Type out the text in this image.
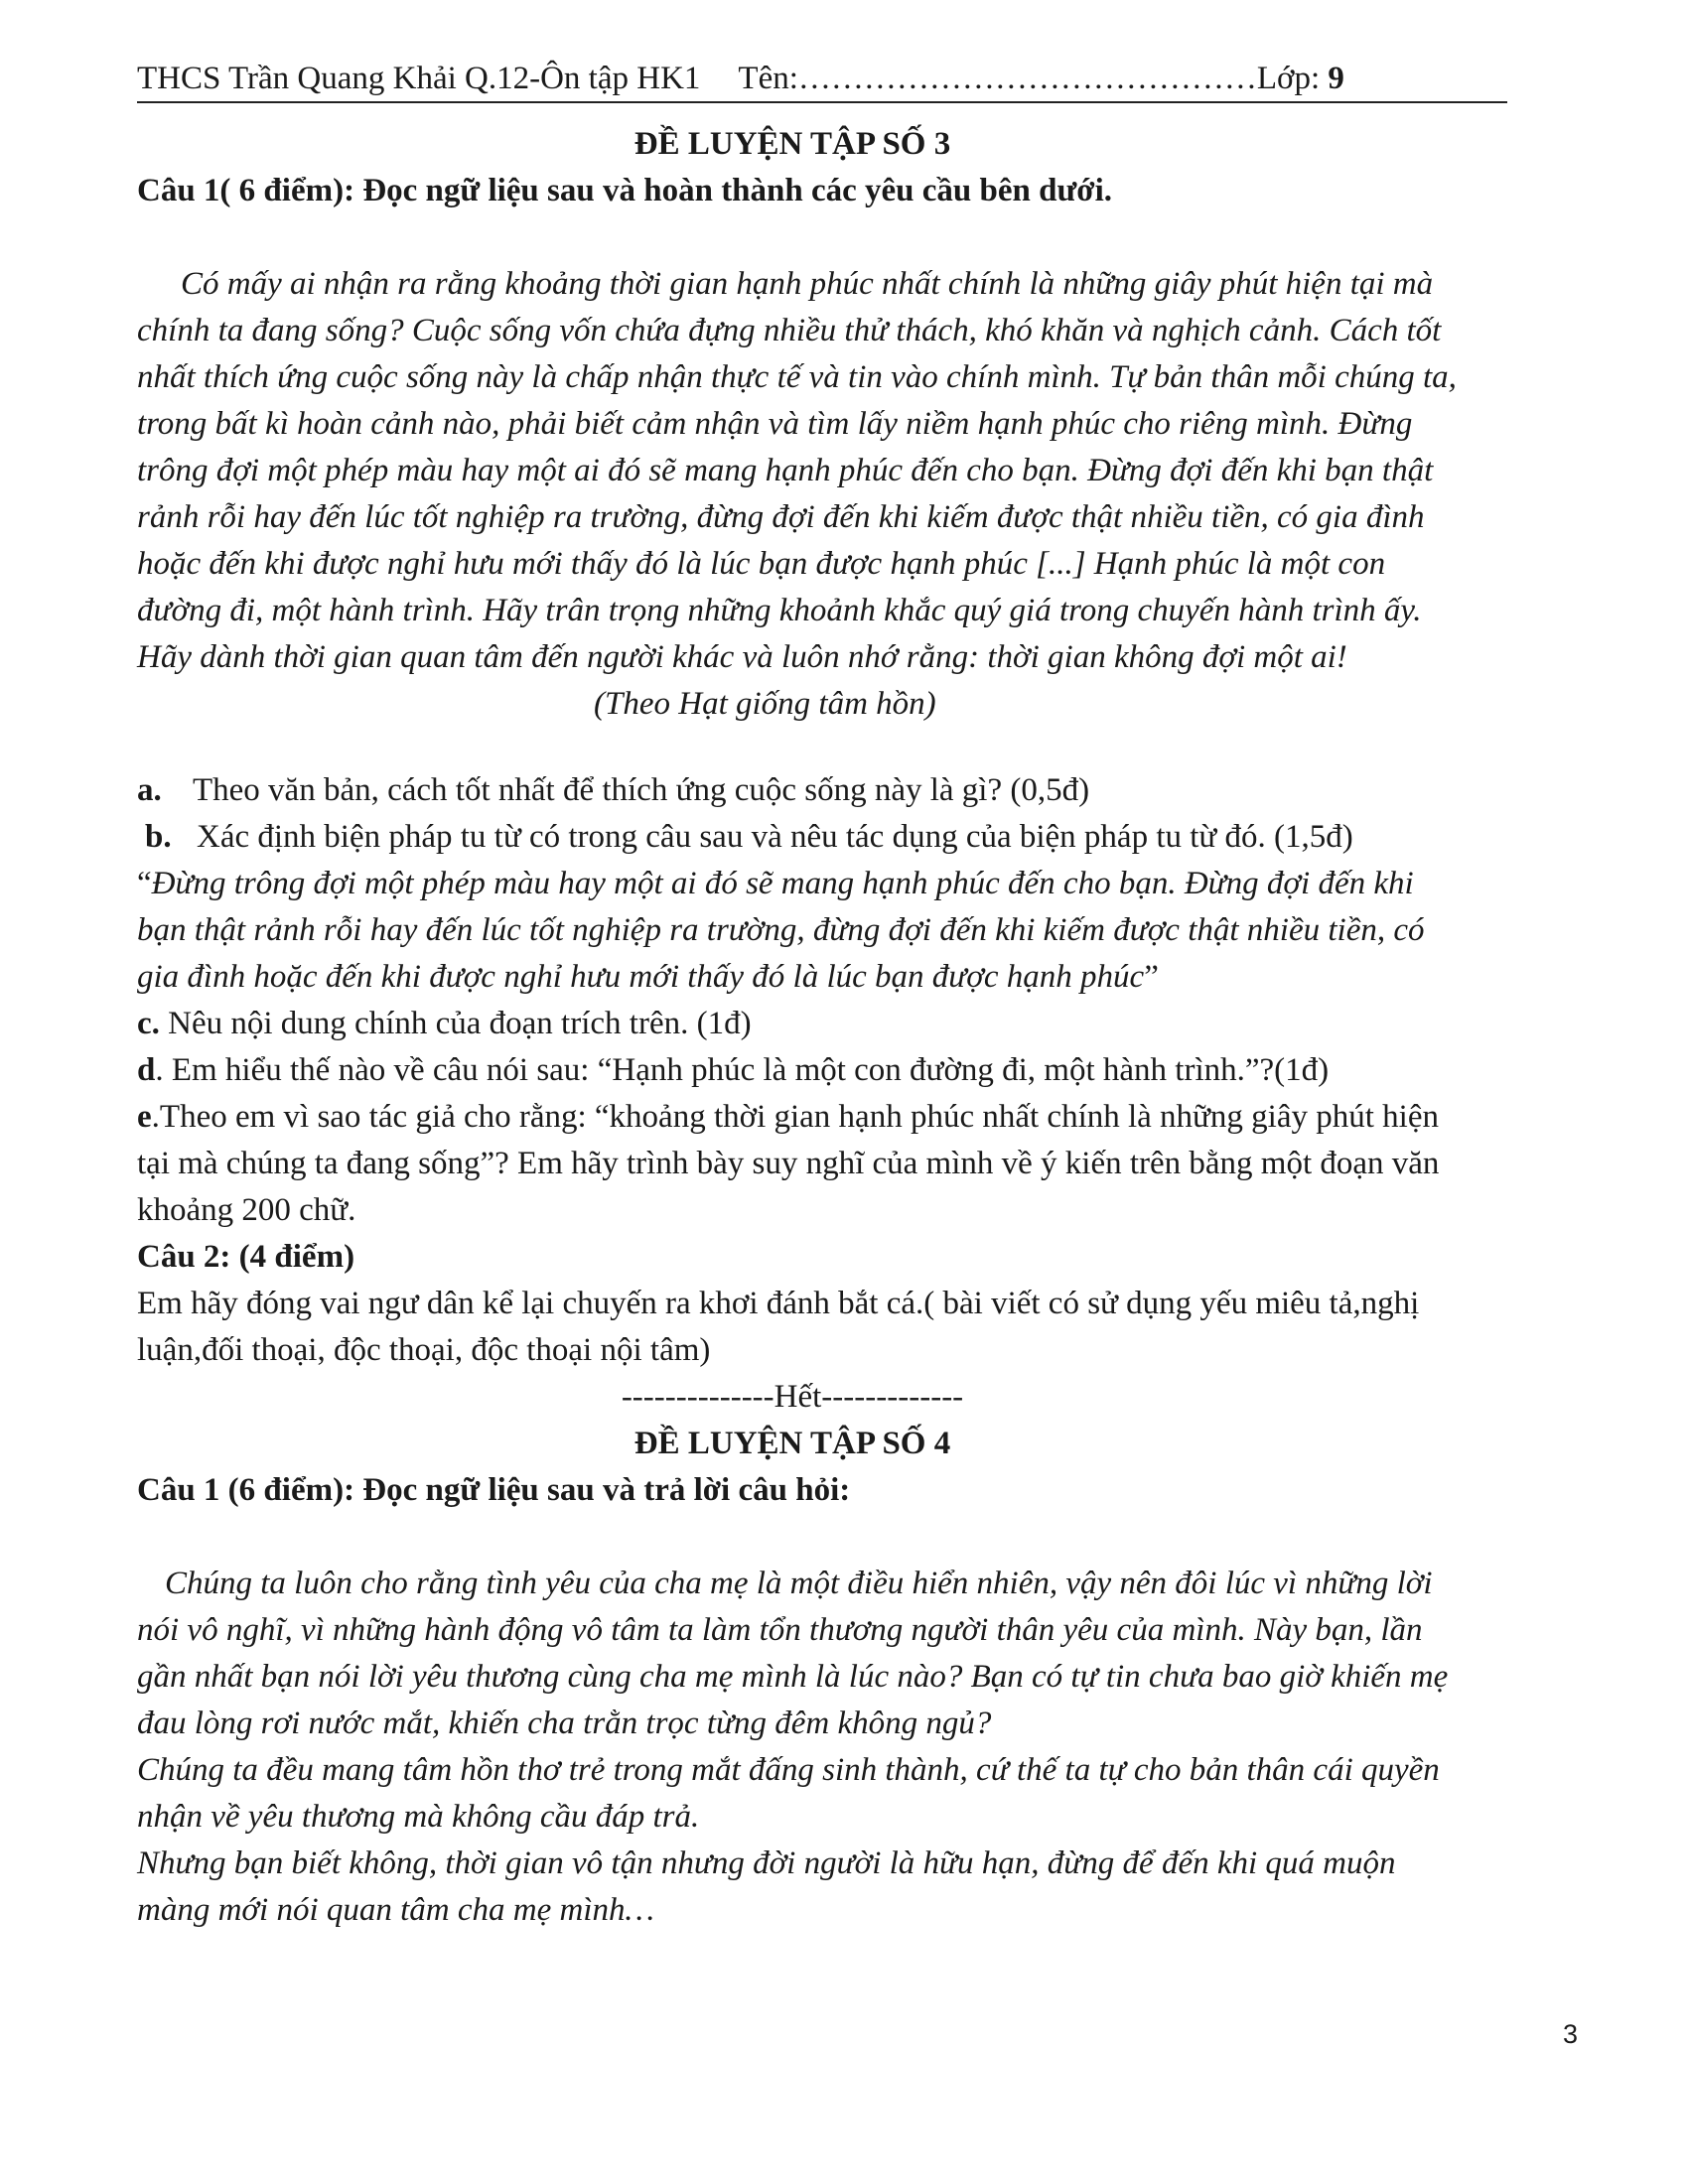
THCS Trần Quang Khải Q.12-Ôn tập HK1 Tên:……………………………………Lớp: 9
ĐỀ LUYỆN TẬP SỐ 3
Câu 1( 6 điểm): Đọc ngữ liệu sau và hoàn thành các yêu cầu bên dưới.
Có mấy ai nhận ra rằng khoảng thời gian hạnh phúc nhất chính là những giây phút hiện tại mà
chính ta đang sống? Cuộc sống vốn chứa đựng nhiều thử thách, khó khăn và nghịch cảnh. Cách tốt
nhất thích ứng cuộc sống này là chấp nhận thực tế và tin vào chính mình. Tự bản thân mỗi chúng ta,
trong bất kì hoàn cảnh nào, phải biết cảm nhận và tìm lấy niềm hạnh phúc cho riêng mình. Đừng
trông đợi một phép màu hay một ai đó sẽ mang hạnh phúc đến cho bạn. Đừng đợi đến khi bạn thật
rảnh rỗi hay đến lúc tốt nghiệp ra trường, đừng đợi đến khi kiếm được thật nhiều tiền, có gia đình
hoặc đến khi được nghỉ hưu mới thấy đó là lúc bạn được hạnh phúc [...] Hạnh phúc là một con
đường đi, một hành trình. Hãy trân trọng những khoảnh khắc quý giá trong chuyến hành trình ấy.
Hãy dành thời gian quan tâm đến người khác và luôn nhớ rằng: thời gian không đợi một ai!
(Theo Hạt giống tâm hồn)
a. Theo văn bản, cách tốt nhất để thích ứng cuộc sống này là gì? (0,5đ)
b. Xác định biện pháp tu từ có trong câu sau và nêu tác dụng của biện pháp tu từ đó. (1,5đ)
“Đừng trông đợi một phép màu hay một ai đó sẽ mang hạnh phúc đến cho bạn. Đừng đợi đến khi
bạn thật rảnh rỗi hay đến lúc tốt nghiệp ra trường, đừng đợi đến khi kiếm được thật nhiều tiền, có
gia đình hoặc đến khi được nghỉ hưu mới thấy đó là lúc bạn được hạnh phúc”
c. Nêu nội dung chính của đoạn trích trên. (1đ)
d. Em hiểu thế nào về câu nói sau: “Hạnh phúc là một con đường đi, một hành trình.”?(1đ)
e.Theo em vì sao tác giả cho rằng: “khoảng thời gian hạnh phúc nhất chính là những giây phút hiện
tại mà chúng ta đang sống”? Em hãy trình bày suy nghĩ của mình về ý kiến trên bằng một đoạn văn
khoảng 200 chữ.
Câu 2: (4 điểm)
Em hãy đóng vai ngư dân kể lại chuyến ra khơi đánh bắt cá.( bài viết có sử dụng yếu miêu tả,nghị
luận,đối thoại, độc thoại, độc thoại nội tâm)
--------------Hết-------------
ĐỀ LUYỆN TẬP SỐ 4
Câu 1 (6 điểm): Đọc ngữ liệu sau và trả lời câu hỏi:
Chúng ta luôn cho rằng tình yêu của cha mẹ là một điều hiển nhiên, vậy nên đôi lúc vì những lời
nói vô nghĩ, vì những hành động vô tâm ta làm tổn thương người thân yêu của mình. Này bạn, lần
gần nhất bạn nói lời yêu thương cùng cha mẹ mình là lúc nào? Bạn có tự tin chưa bao giờ khiến mẹ
đau lòng rơi nước mắt, khiến cha trằn trọc từng đêm không ngủ?
Chúng ta đều mang tâm hồn thơ trẻ trong mắt đấng sinh thành, cứ thế ta tự cho bản thân cái quyền
nhận về yêu thương mà không cầu đáp trả.
Nhưng bạn biết không, thời gian vô tận nhưng đời người là hữu hạn, đừng để đến khi quá muộn
màng mới nói quan tâm cha mẹ mình…
3
